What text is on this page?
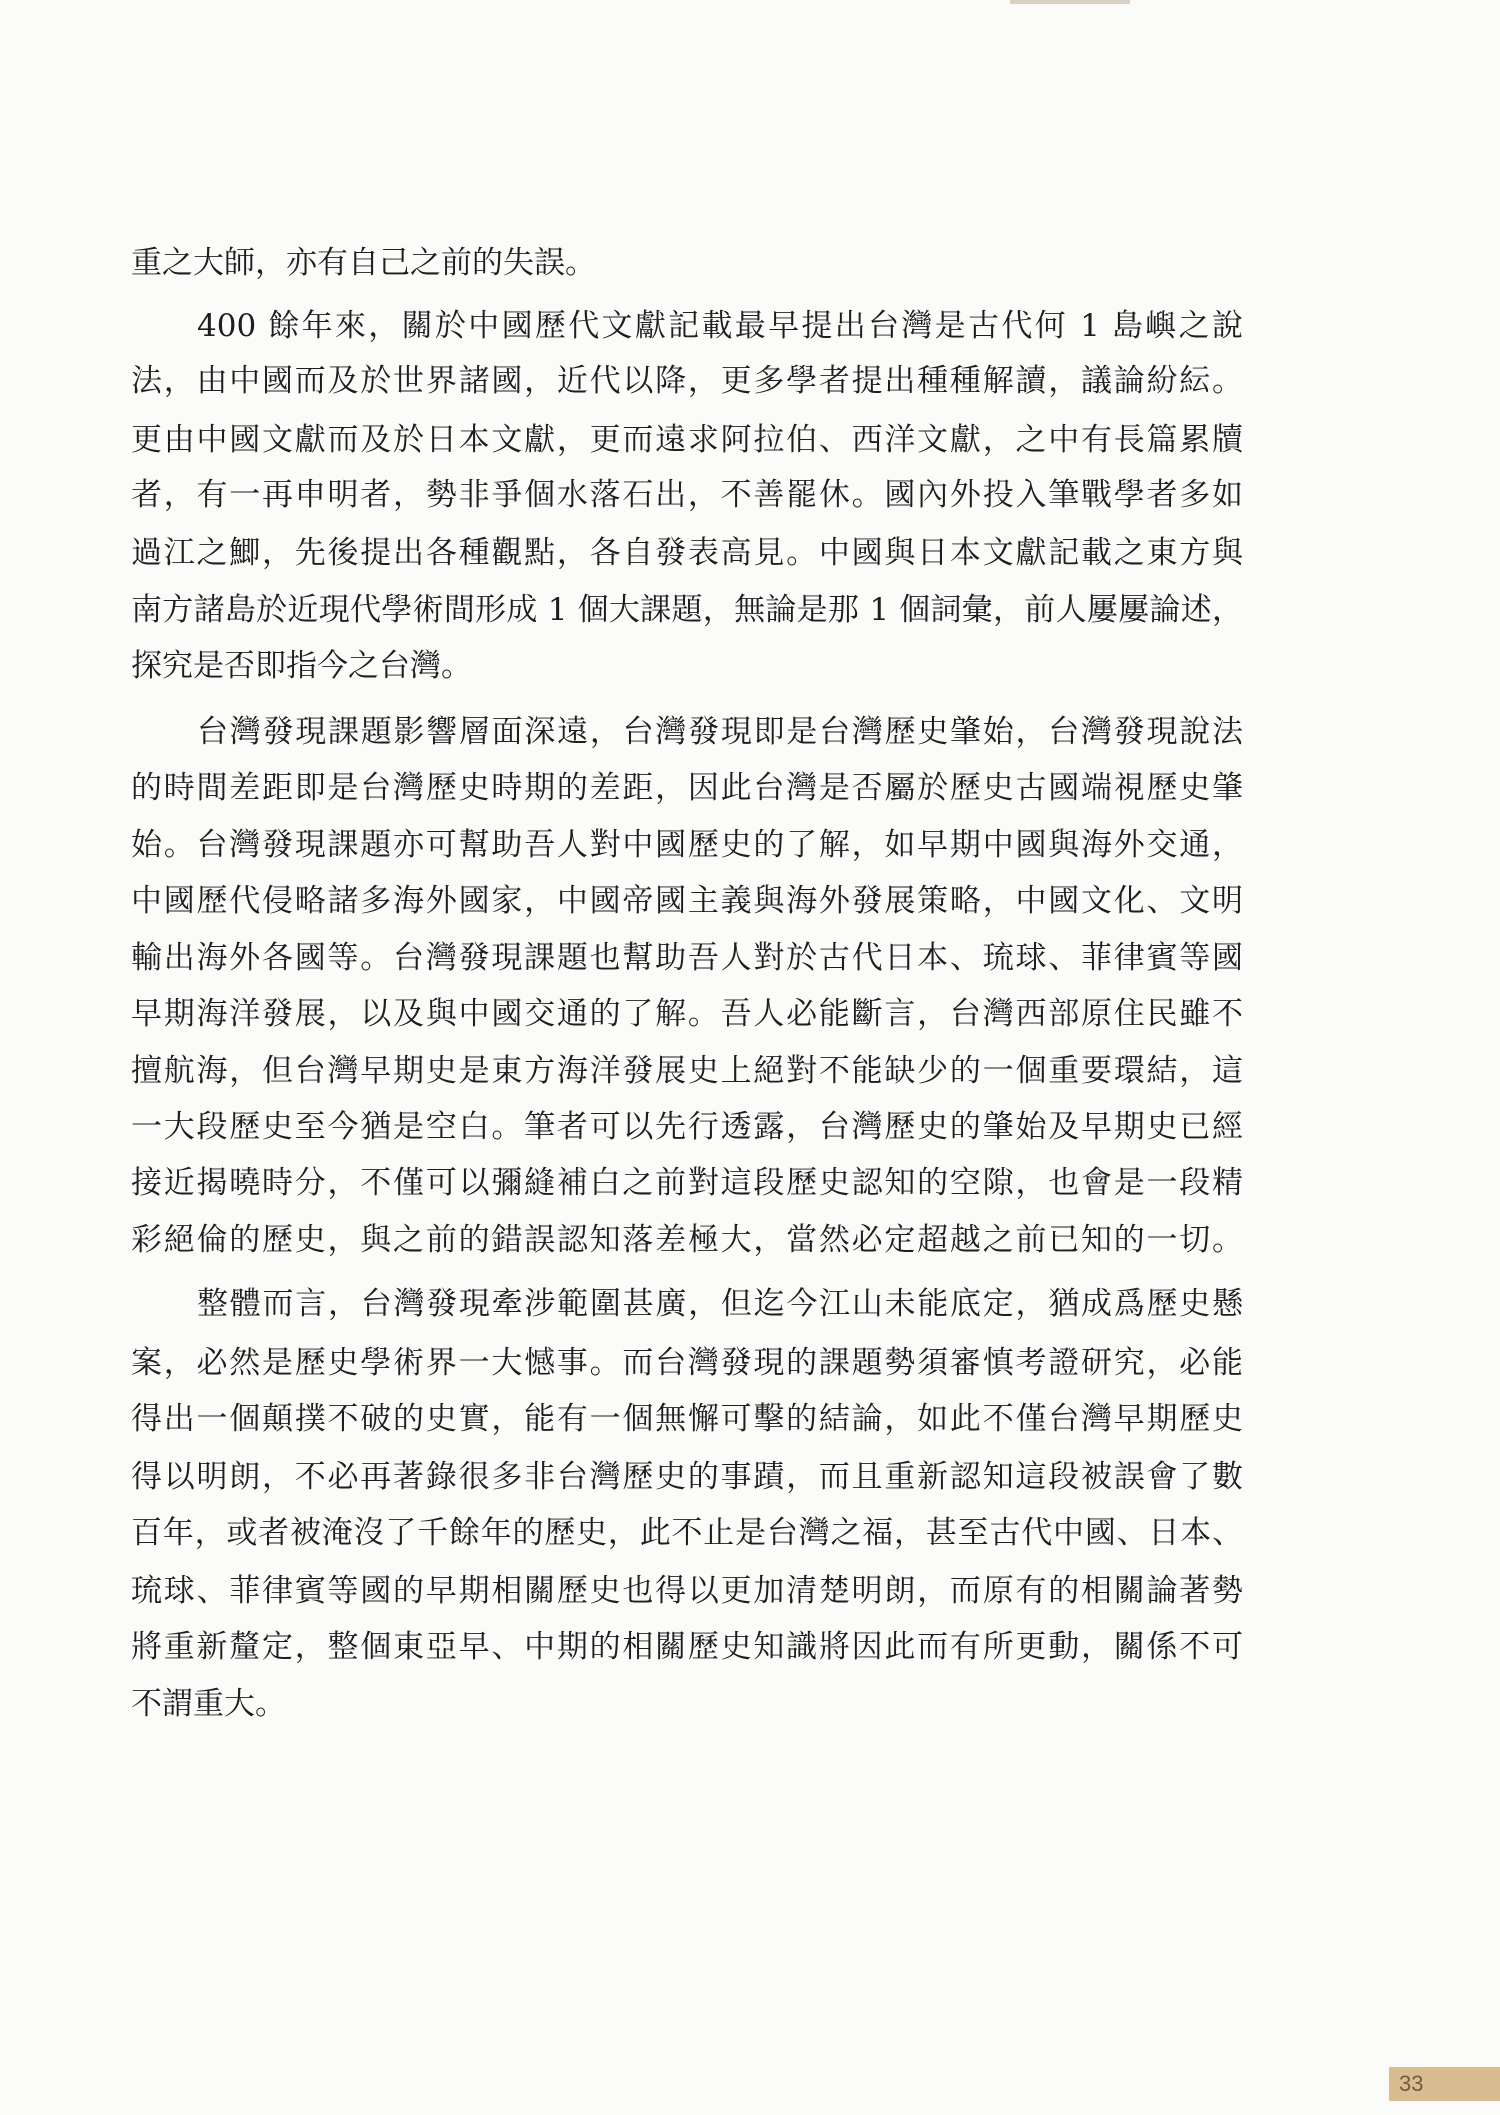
重之大師，亦有自己之前的失誤。

400 餘年來，關於中國歷代文獻記載最早提出台灣是古代何 1 島嶼之說

法，由中國而及於世界諸國，近代以降，更多學者提出種種解讀，議論紛紜。

更由中國文獻而及於日本文獻，更而遠求阿拉伯、西洋文獻，之中有長篇累牘

者，有一再申明者，勢非爭個水落石出，不善罷休。國內外投入筆戰學者多如

過江之鯽，先後提出各種觀點，各自發表高見。中國與日本文獻記載之東方與

南方諸島於近現代學術間形成 1 個大課題，無論是那 1 個詞彙，前人屢屢論述，

探究是否即指今之台灣。

台灣發現課題影響層面深遠，台灣發現即是台灣歷史肇始，台灣發現說法

的時間差距即是台灣歷史時期的差距，因此台灣是否屬於歷史古國端視歷史肇

始。台灣發現課題亦可幫助吾人對中國歷史的了解，如早期中國與海外交通，

中國歷代侵略諸多海外國家，中國帝國主義與海外發展策略，中國文化、文明

輸出海外各國等。台灣發現課題也幫助吾人對於古代日本、琉球、菲律賓等國

早期海洋發展，以及與中國交通的了解。吾人必能斷言，台灣西部原住民雖不

擅航海，但台灣早期史是東方海洋發展史上絕對不能缺少的一個重要環結，這

一大段歷史至今猶是空白。筆者可以先行透露，台灣歷史的肇始及早期史已經

接近揭曉時分，不僅可以彌縫補白之前對這段歷史認知的空隙，也會是一段精

彩絕倫的歷史，與之前的錯誤認知落差極大，當然必定超越之前已知的一切。

整體而言，台灣發現牽涉範圍甚廣，但迄今江山未能底定，猶成爲歷史懸

案，必然是歷史學術界一大憾事。而台灣發現的課題勢須審慎考證研究，必能

得出一個顛撲不破的史實，能有一個無懈可擊的結論，如此不僅台灣早期歷史

得以明朗，不必再著錄很多非台灣歷史的事蹟，而且重新認知這段被誤會了數

百年，或者被淹沒了千餘年的歷史，此不止是台灣之福，甚至古代中國、日本、

琉球、菲律賓等國的早期相關歷史也得以更加清楚明朗，而原有的相關論著勢

將重新釐定，整個東亞早、中期的相關歷史知識將因此而有所更動，關係不可

不謂重大。

33
